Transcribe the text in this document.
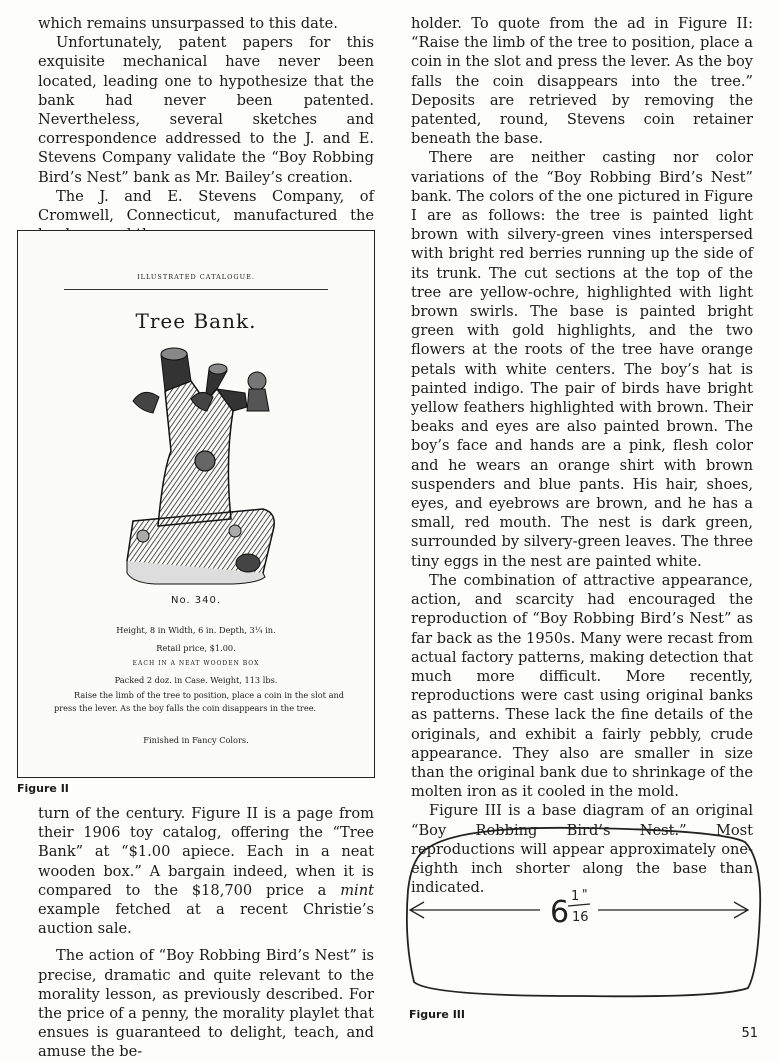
which remains unsurpassed to this date.

Unfortunately, patent papers for this exquisite mechanical have never been located, leading one to hypothesize that the bank had never been patented. Nevertheless, several sketches and correspondence addressed to the J. and E. Stevens Company validate the “Boy Robbing Bird’s Nest” bank as Mr. Bailey’s creation.

The J. and E. Stevens Company, of Cromwell, Connecticut, manufactured the

ILLUSTRATED CATALOGUE.
Tree Bank.
No. 340.
Height, 8 in Width, 6 in. Depth, 3¼ in.
Retail price, $1.00.
EACH IN A NEAT WOODEN BOX
Packed 2 doz. in Case. Weight, 113 lbs.
Raise the limb of the tree to position, place a coin in the slot and press the lever. As the boy falls the coin disappears in the tree.
Finished in Fancy Colors.
Figure II

turn of the century. Figure II is a page from their 1906 toy catalog, offering the “Tree Bank” at “$1.00 apiece. Each in a neat wooden box.” A bargain indeed, when it is compared to the $18,700 price a mint example fetched at a recent Christie’s auction sale.

The action of “Boy Robbing Bird’s Nest” is precise, dramatic and quite relevant to the morality lesson, as previously described. For the price of a penny, the morality playlet that ensues is guaranteed to delight, teach, and amuse the be-

holder. To quote from the ad in Figure II: “Raise the limb of the tree to position, place a coin in the slot and press the lever. As the boy falls the coin disappears into the tree.” Deposits are retrieved by removing the patented, round, Stevens coin retainer beneath the base.

There are neither casting nor color variations of the “Boy Robbing Bird’s Nest” bank. The colors of the one pictured in Figure I are as follows: the tree is painted light brown with silvery-green vines interspersed with bright red berries running up the side of its trunk. The cut sections at the top of the tree are yellow-ochre, highlighted with light brown swirls. The base is painted bright green with gold highlights, and the two flowers at the roots of the tree have orange petals with white centers. The boy’s hat is painted indigo. The pair of birds have bright yellow feathers highlighted with brown. Their beaks and eyes are also painted brown. The boy’s face and hands are a pink, flesh color and he wears an orange shirt with brown suspenders and blue pants. His hair, shoes, eyes, and eyebrows are brown, and he has a small, red mouth. The nest is dark green, surrounded by silvery-green leaves. The three tiny eggs in the nest are painted white.

The combination of attractive appearance, action, and scarcity had encouraged the reproduction of “Boy Robbing Bird’s Nest” as far back as the 1950s. Many were recast from actual factory patterns, making detection that much more difficult. More recently, reproductions were cast using original banks as patterns. These lack the fine details of the originals, and exhibit a fairly pebbly, crude appearance. They also are smaller in size than the original bank due to shrinkage of the molten iron as it cooled in the mold.

Figure III is a base diagram of an original “Boy Robbing Bird’s Nest.” Most reproductions will appear approximately one-eighth inch shorter along the base than indicated.

6 1 "
16
Figure III
51
